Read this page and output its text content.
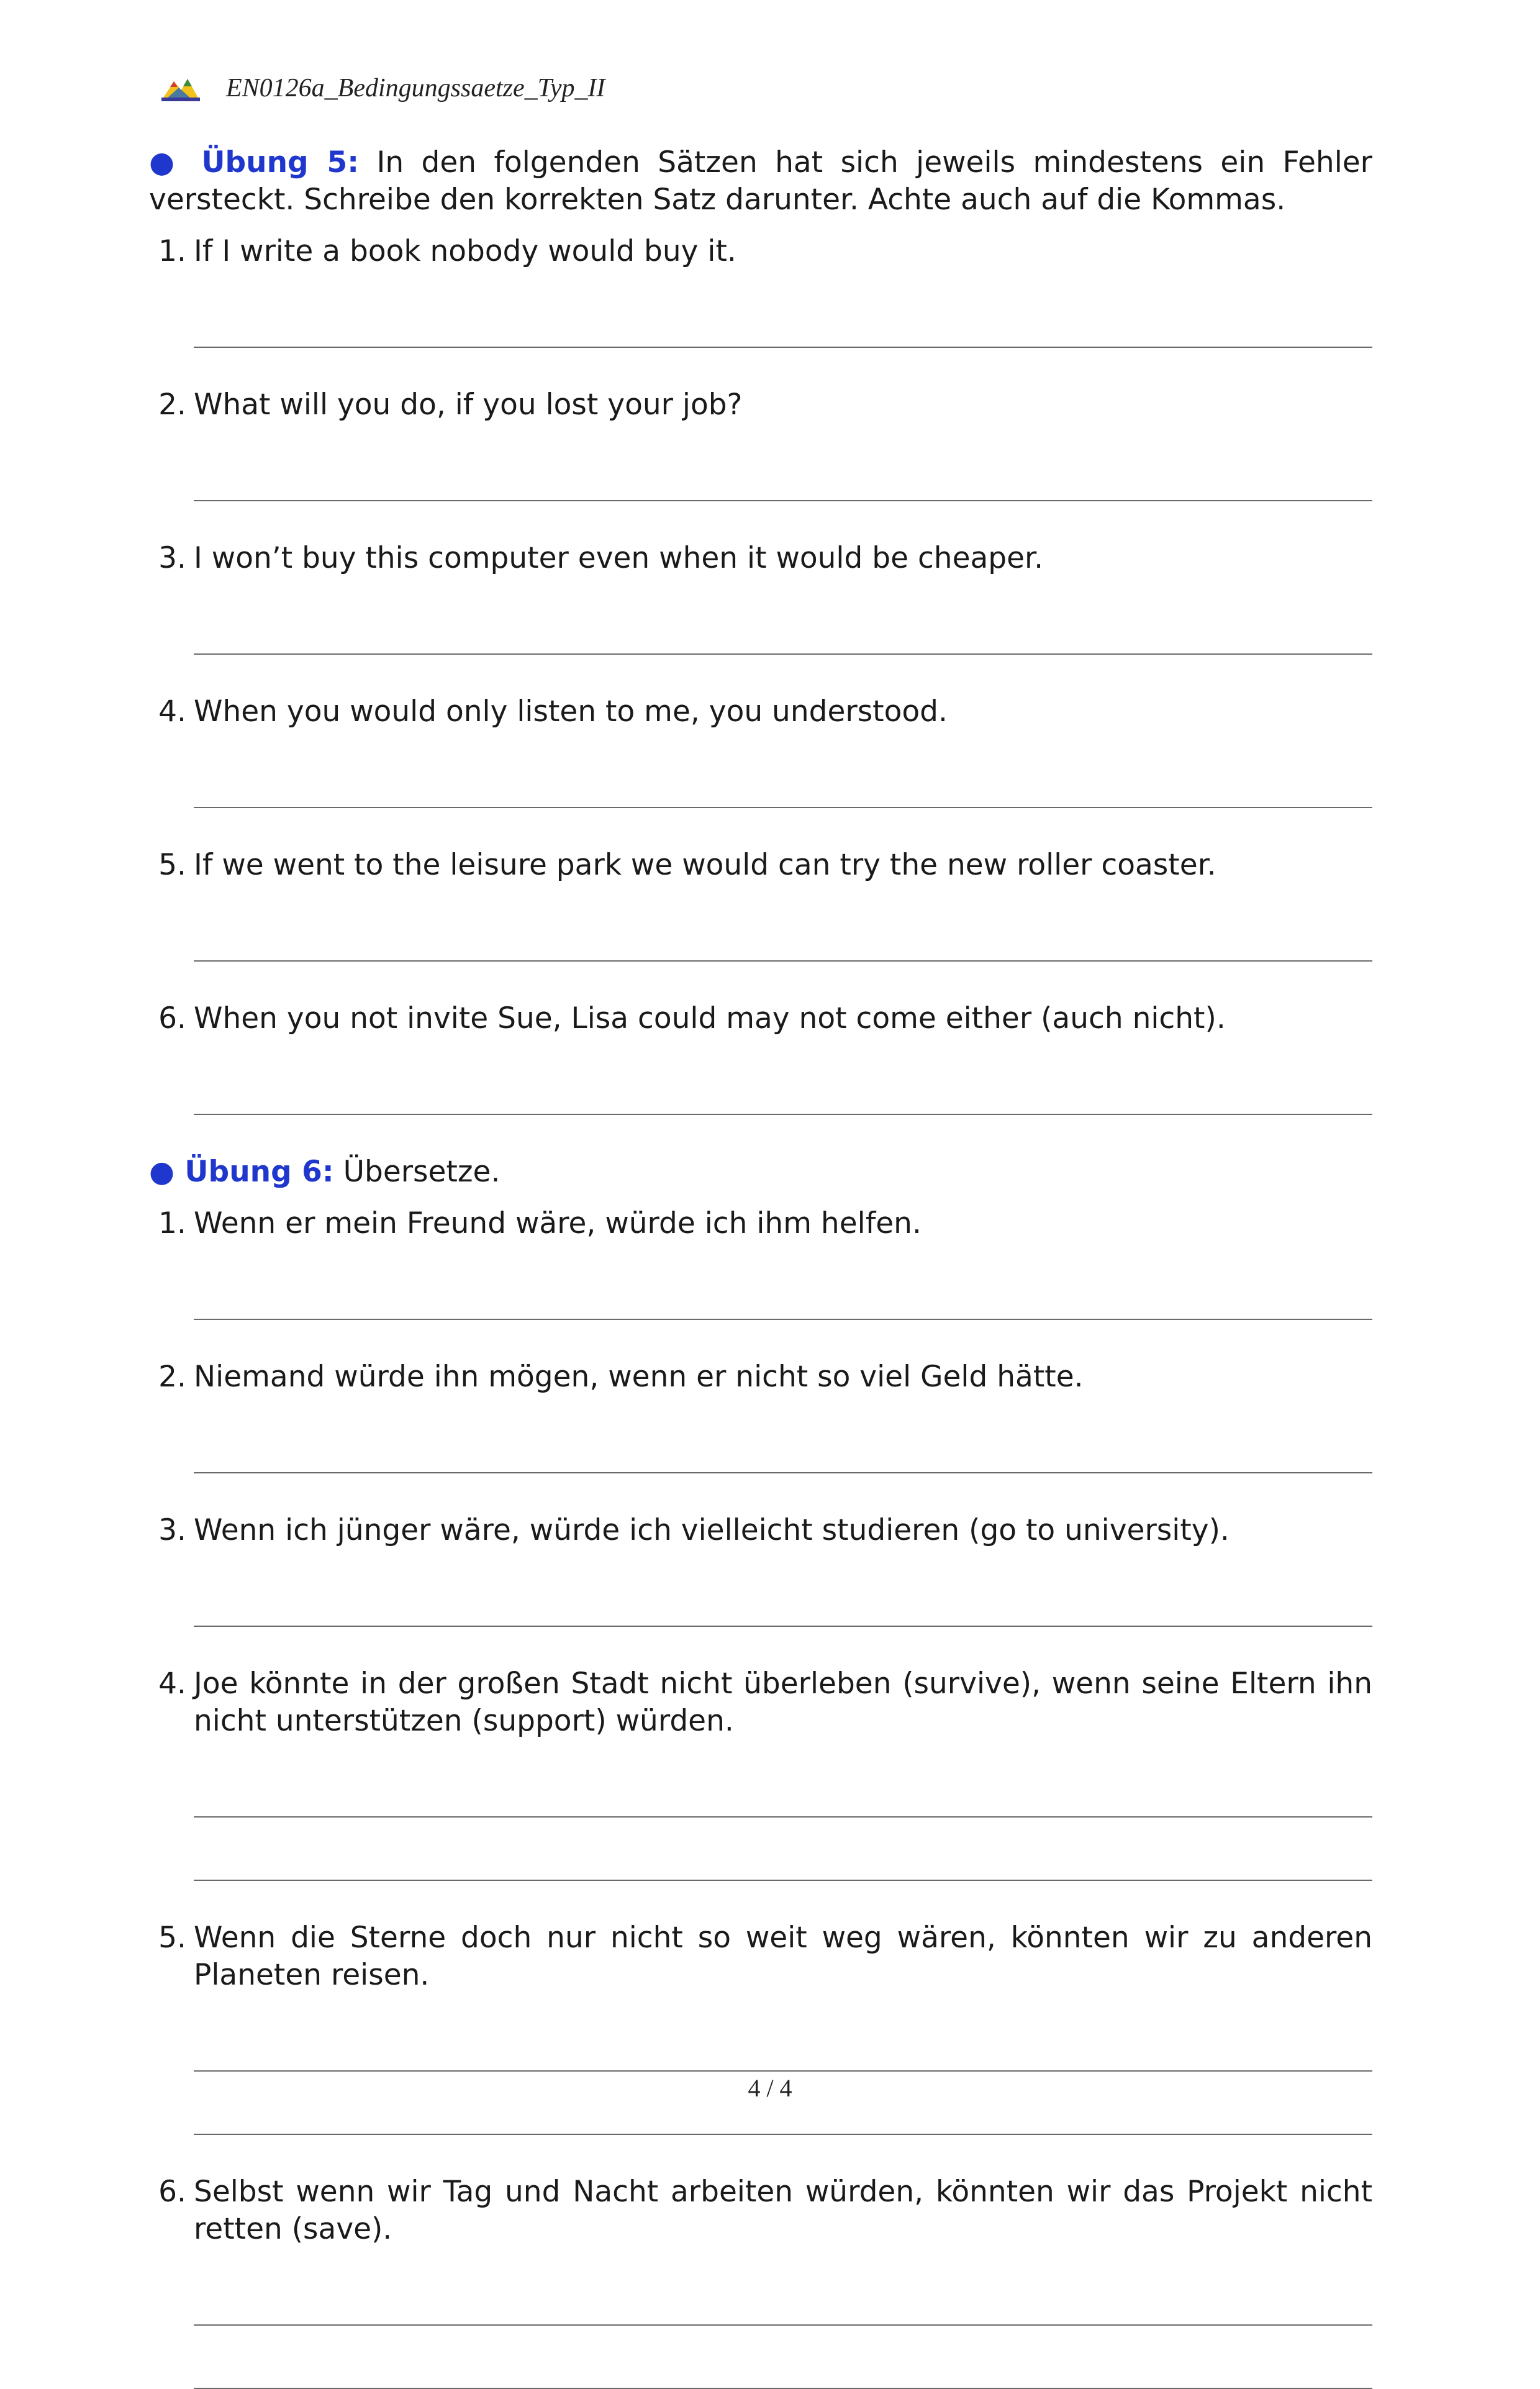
EN0126a_Bedingungssaetze_Typ_II

● Übung 5: In den folgenden Sätzen hat sich jeweils mindestens ein Fehler versteckt. Schreibe den korrekten Satz darunter. Achte auch auf die Kommas.

1. If I write a book nobody would buy it.
2. What will you do, if you lost your job?
3. I won’t buy this computer even when it would be cheaper.
4. When you would only listen to me, you understood.
5. If we went to the leisure park we would can try the new roller coaster.
6. When you not invite Sue, Lisa could may not come either (auch nicht).

● Übung 6: Übersetze.

1. Wenn er mein Freund wäre, würde ich ihm helfen.
2. Niemand würde ihn mögen, wenn er nicht so viel Geld hätte.
3. Wenn ich jünger wäre, würde ich vielleicht studieren (go to university).
4. Joe könnte in der großen Stadt nicht überleben (survive), wenn seine Eltern ihn nicht unterstützen (support) würden.
5. Wenn die Sterne doch nur nicht so weit weg wären, könnten wir zu anderen Planeten reisen.
6. Selbst wenn wir Tag und Nacht arbeiten würden, könnten wir das Projekt nicht retten (save).
4 / 4
